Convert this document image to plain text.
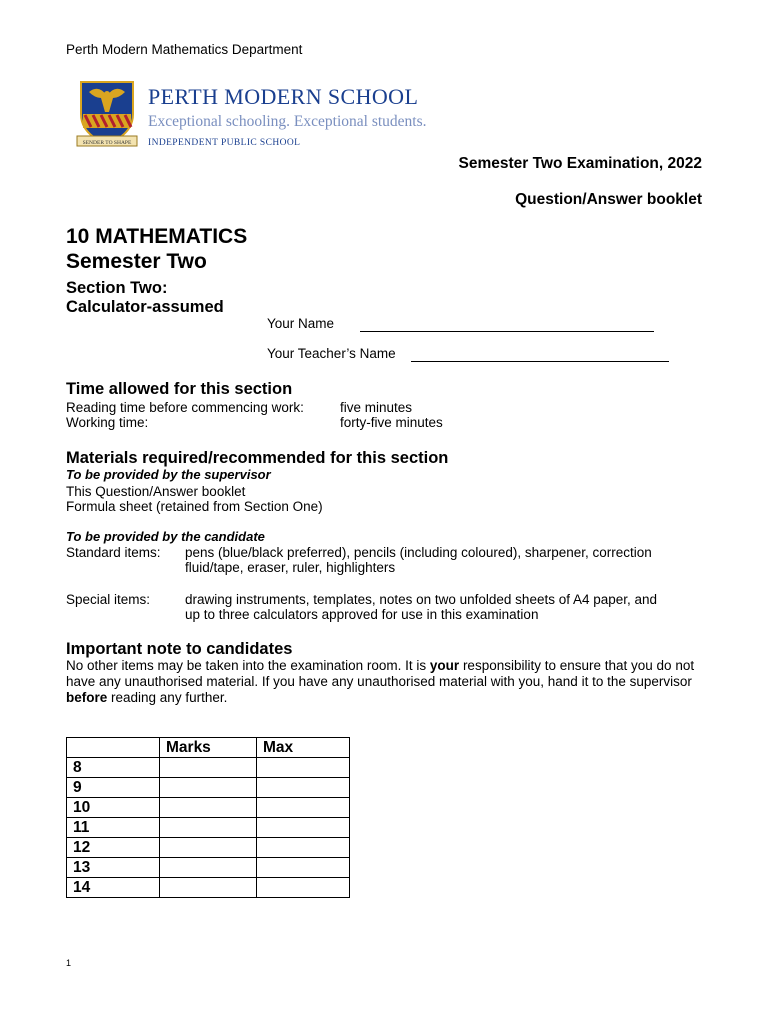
Perth Modern Mathematics Department
SENDER TO SHAPE
PERTH MODERN SCHOOL
Exceptional schooling. Exceptional students.
INDEPENDENT PUBLIC SCHOOL
Semester Two Examination, 2022
Question/Answer booklet
10 MATHEMATICS
Semester Two
Section Two:
Calculator-assumed
Your Name
Your Teacher’s Name
Time allowed for this section
Reading time before commencing work:	five minutes
Working time:	forty-five minutes
Materials required/recommended for this section
To be provided by the supervisor
This Question/Answer booklet
Formula sheet (retained from Section One)
To be provided by the candidate
Standard items: pens (blue/black preferred), pencils (including coloured), sharpener, correction
fluid/tape, eraser, ruler, highlighters
Special items:	drawing instruments, templates, notes on two unfolded sheets of A4 paper, and
up to three calculators approved for use in this examination
Important note to candidates
No other items may be taken into the examination room. It is your responsibility to ensure that you do not have any unauthorised material. If you have any unauthorised material with you, hand it to the supervisor before reading any further.
	Marks	Max
8		
9		
10		
11		
12		
13		
14		
1
